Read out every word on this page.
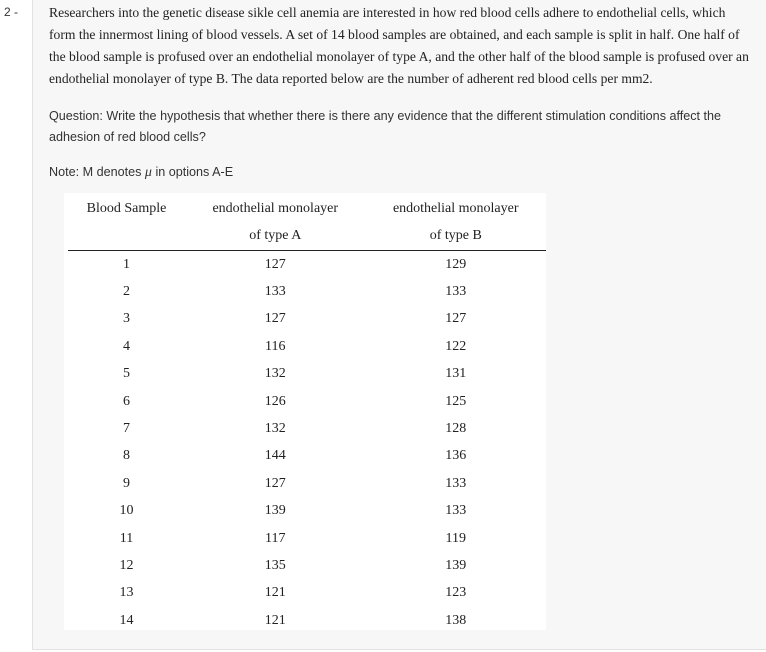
2 - Researchers into the genetic disease sikle cell anemia are interested in how red blood cells adhere to endothelial cells, which form the innermost lining of blood vessels. A set of 14 blood samples are obtained, and each sample is split in half. One half of the blood sample is profused over an endothelial monolayer of type A, and the other half of the blood sample is profused over an endothelial monolayer of type B. The data reported below are the number of adherent red blood cells per mm2.

Question: Write the hypothesis that whether there is there any evidence that the different stimulation conditions affect the adhesion of red blood cells?

Note: M denotes μ in options A-E

Blood Sample	endothelial monolayer	endothelial monolayer
	of type A	of type B
1	127	129
2	133	133
3	127	127
4	116	122
5	132	131
6	126	125
7	132	128
8	144	136
9	127	133
10	139	133
11	117	119
12	135	139
13	121	123
14	121	138
